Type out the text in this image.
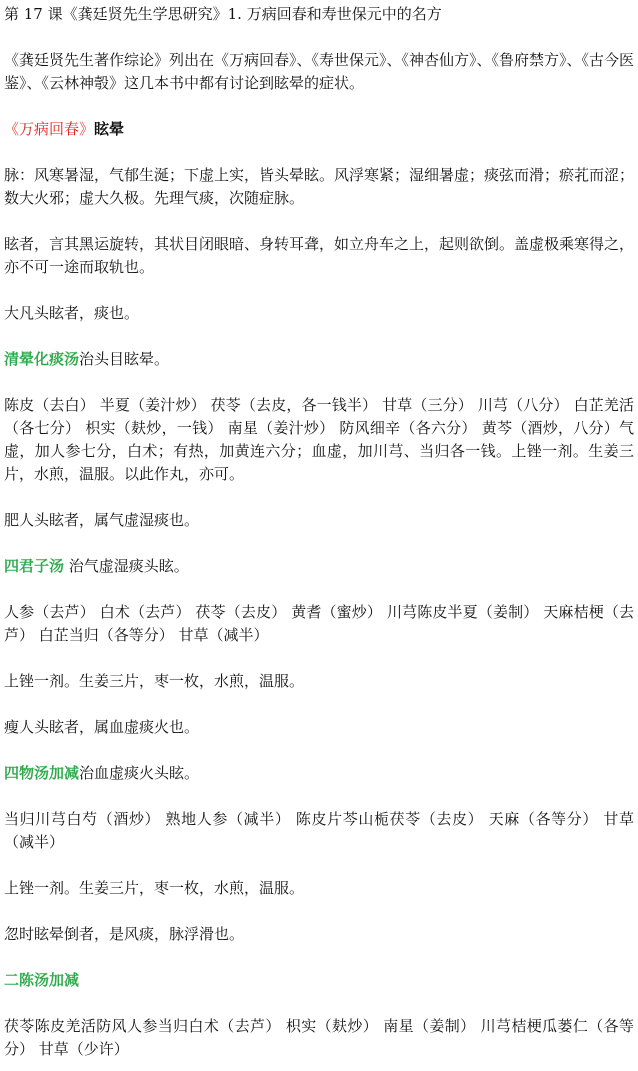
第 17 课《龚廷贤先生学思研究》1. 万病回春和寿世保元中的名方

《龚廷贤先生著作综论》列出在《万病回春》、《寿世保元》、《神杏仙方》、《鲁府禁方》、《古今医鉴》、《云林神彀》这几本书中都有讨论到眩晕的症状。

《万病回春》眩晕

脉：风寒暑湿，气郁生涎；下虚上实，皆头晕眩。风浮寒紧；湿细暑虚；痰弦而滑；瘀芤而涩；数大火邪；虚大久极。先理气痰，次随症脉。

眩者，言其黑运旋转，其状目闭眼暗、身转耳聋，如立舟车之上，起则欲倒。盖虚极乘寒得之，亦不可一途而取轨也。

大凡头眩者，痰也。

清晕化痰汤治头目眩晕。

陈皮（去白） 半夏（姜汁炒） 茯苓（去皮，各一钱半） 甘草（三分） 川芎（八分） 白芷羌活（各七分） 枳实（麸炒，一钱） 南星（姜汁炒） 防风细辛（各六分） 黄芩（酒炒，八分）气虚，加人参七分，白术；有热，加黄连六分；血虚，加川芎、当归各一钱。上锉一剂。生姜三片，水煎，温服。以此作丸，亦可。

肥人头眩者，属气虚湿痰也。

四君子汤 治气虚湿痰头眩。

人参（去芦） 白术（去芦） 茯苓（去皮） 黄耆（蜜炒） 川芎陈皮半夏（姜制） 天麻桔梗（去芦） 白芷当归（各等分） 甘草（减半）

上锉一剂。生姜三片，枣一枚，水煎，温服。

瘦人头眩者，属血虚痰火也。

四物汤加减治血虚痰火头眩。

当归川芎白芍（酒炒） 熟地人参（减半） 陈皮片芩山栀茯苓（去皮） 天麻（各等分） 甘草（减半）

上锉一剂。生姜三片，枣一枚，水煎，温服。

忽时眩晕倒者，是风痰，脉浮滑也。

二陈汤加减

茯苓陈皮羌活防风人参当归白术（去芦） 枳实（麸炒） 南星（姜制） 川芎桔梗瓜蒌仁（各等分） 甘草（少许）
